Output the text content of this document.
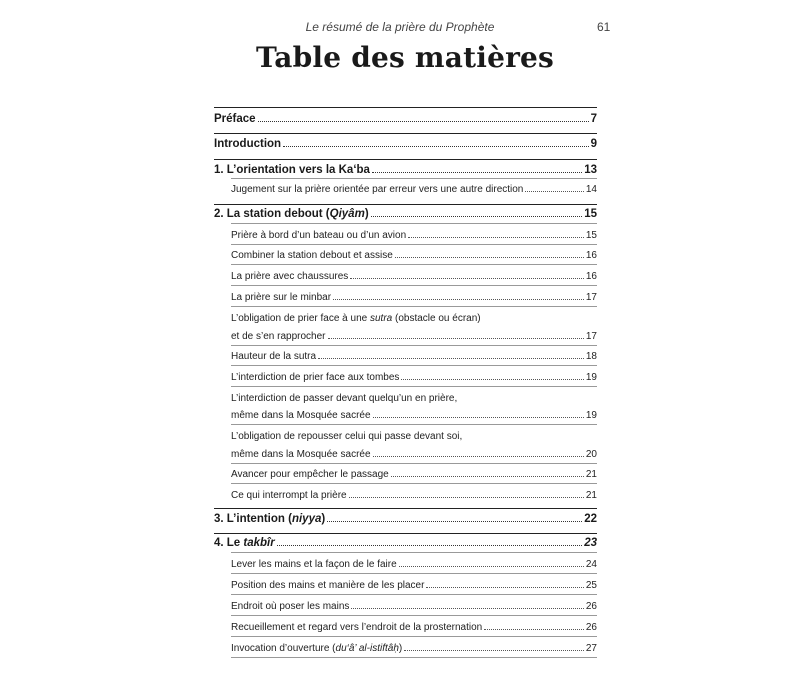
Le résumé de la prière du Prophète	61
Table des matières
Préface	7
Introduction	9
1. L’orientation vers la Ka‘ba	13
Jugement sur la prière orientée par erreur vers une autre direction	14
2. La station debout (Qiyâm)	15
Prière à bord d’un bateau ou d’un avion	15
Combiner la station debout et assise	16
La prière avec chaussures	16
La prière sur le minbar	17
L’obligation de prier face à une sutra (obstacle ou écran)
et de s’en rapprocher	17
Hauteur de la sutra	18
L’interdiction de prier face aux tombes	19
L’interdiction de passer devant quelqu’un en prière,
même dans la Mosquée sacrée	19
L’obligation de repousser celui qui passe devant soi,
même dans la Mosquée sacrée	20
Avancer pour empêcher le passage	21
Ce qui interrompt la prière	21
3. L’intention (niyya)	22
4. Le takbîr	23
Lever les mains et la façon de le faire	24
Position des mains et manière de les placer	25
Endroit où poser les mains	26
Recueillement et regard vers l’endroit de la prosternation	26
Invocation d’ouverture (du‘â’ al-istiftâḥ)	27
